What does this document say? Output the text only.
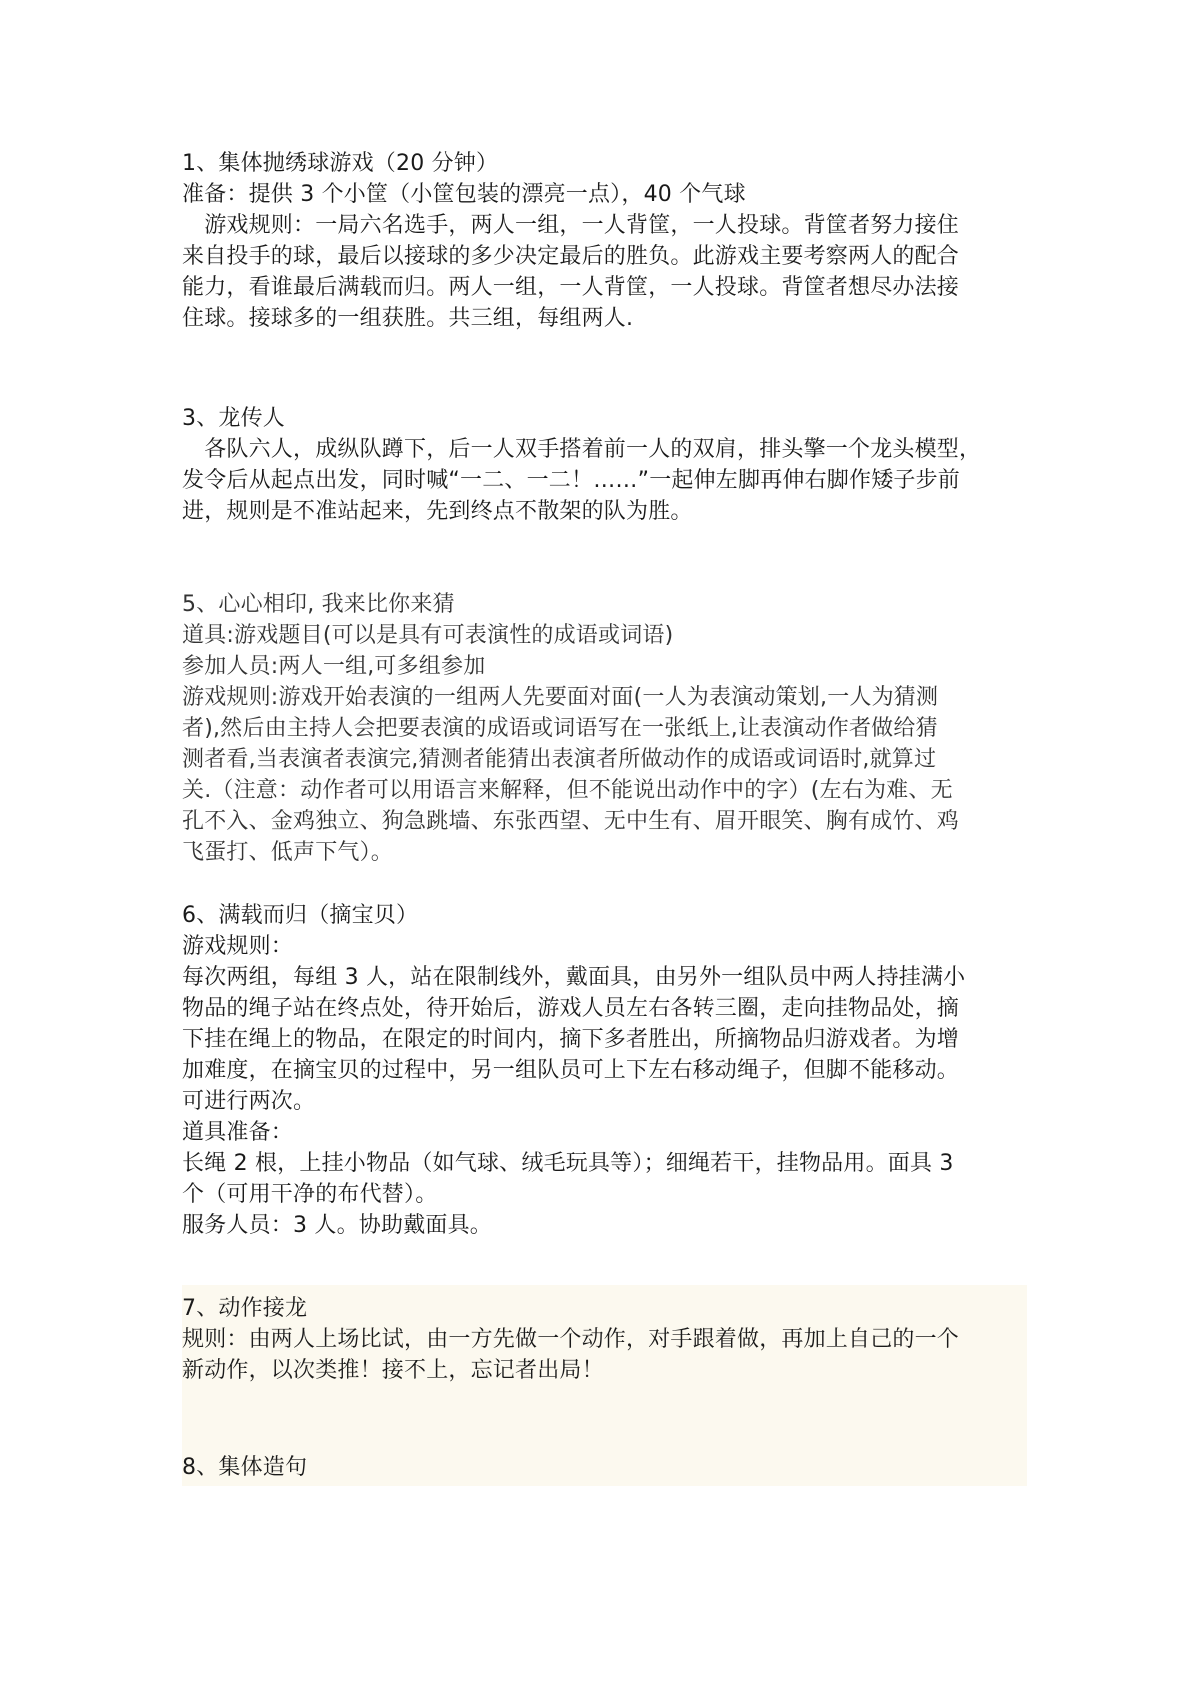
1、集体抛绣球游戏（20 分钟）
准备：提供 3 个小筐（小筐包装的漂亮一点），40 个气球
　游戏规则：一局六名选手，两人一组，一人背筐，一人投球。背筐者努力接住
来自投手的球，最后以接球的多少决定最后的胜负。此游戏主要考察两人的配合
能力，看谁最后满载而归。两人一组，一人背筐，一人投球。背筐者想尽办法接
住球。接球多的一组获胜。共三组，每组两人.
3、龙传人
　各队六人，成纵队蹲下，后一人双手搭着前一人的双肩，排头擎一个龙头模型，
发令后从起点出发，同时喊“一二、一二！……”一起伸左脚再伸右脚作矮子步前
进，规则是不准站起来，先到终点不散架的队为胜。
5、心心相印, 我来比你来猜
道具:游戏题目(可以是具有可表演性的成语或词语)
参加人员:两人一组,可多组参加
游戏规则:游戏开始表演的一组两人先要面对面(一人为表演动策划,一人为猜测
者),然后由主持人会把要表演的成语或词语写在一张纸上,让表演动作者做给猜
测者看,当表演者表演完,猜测者能猜出表演者所做动作的成语或词语时,就算过
关.（注意：动作者可以用语言来解释，但不能说出动作中的字）(左右为难、无
孔不入、金鸡独立、狗急跳墙、东张西望、无中生有、眉开眼笑、胸有成竹、鸡
飞蛋打、低声下气）。
6、满载而归（摘宝贝）
游戏规则：
每次两组，每组 3 人，站在限制线外，戴面具，由另外一组队员中两人持挂满小
物品的绳子站在终点处，待开始后，游戏人员左右各转三圈，走向挂物品处，摘
下挂在绳上的物品，在限定的时间内，摘下多者胜出，所摘物品归游戏者。为增
加难度，在摘宝贝的过程中，另一组队员可上下左右移动绳子，但脚不能移动。
可进行两次。
道具准备：
长绳 2 根，上挂小物品（如气球、绒毛玩具等）；细绳若干，挂物品用。面具 3
个（可用干净的布代替）。
服务人员：3 人。协助戴面具。
7、动作接龙
规则：由两人上场比试，由一方先做一个动作，对手跟着做，再加上自己的一个
新动作，以次类推！接不上，忘记者出局！
8、集体造句
